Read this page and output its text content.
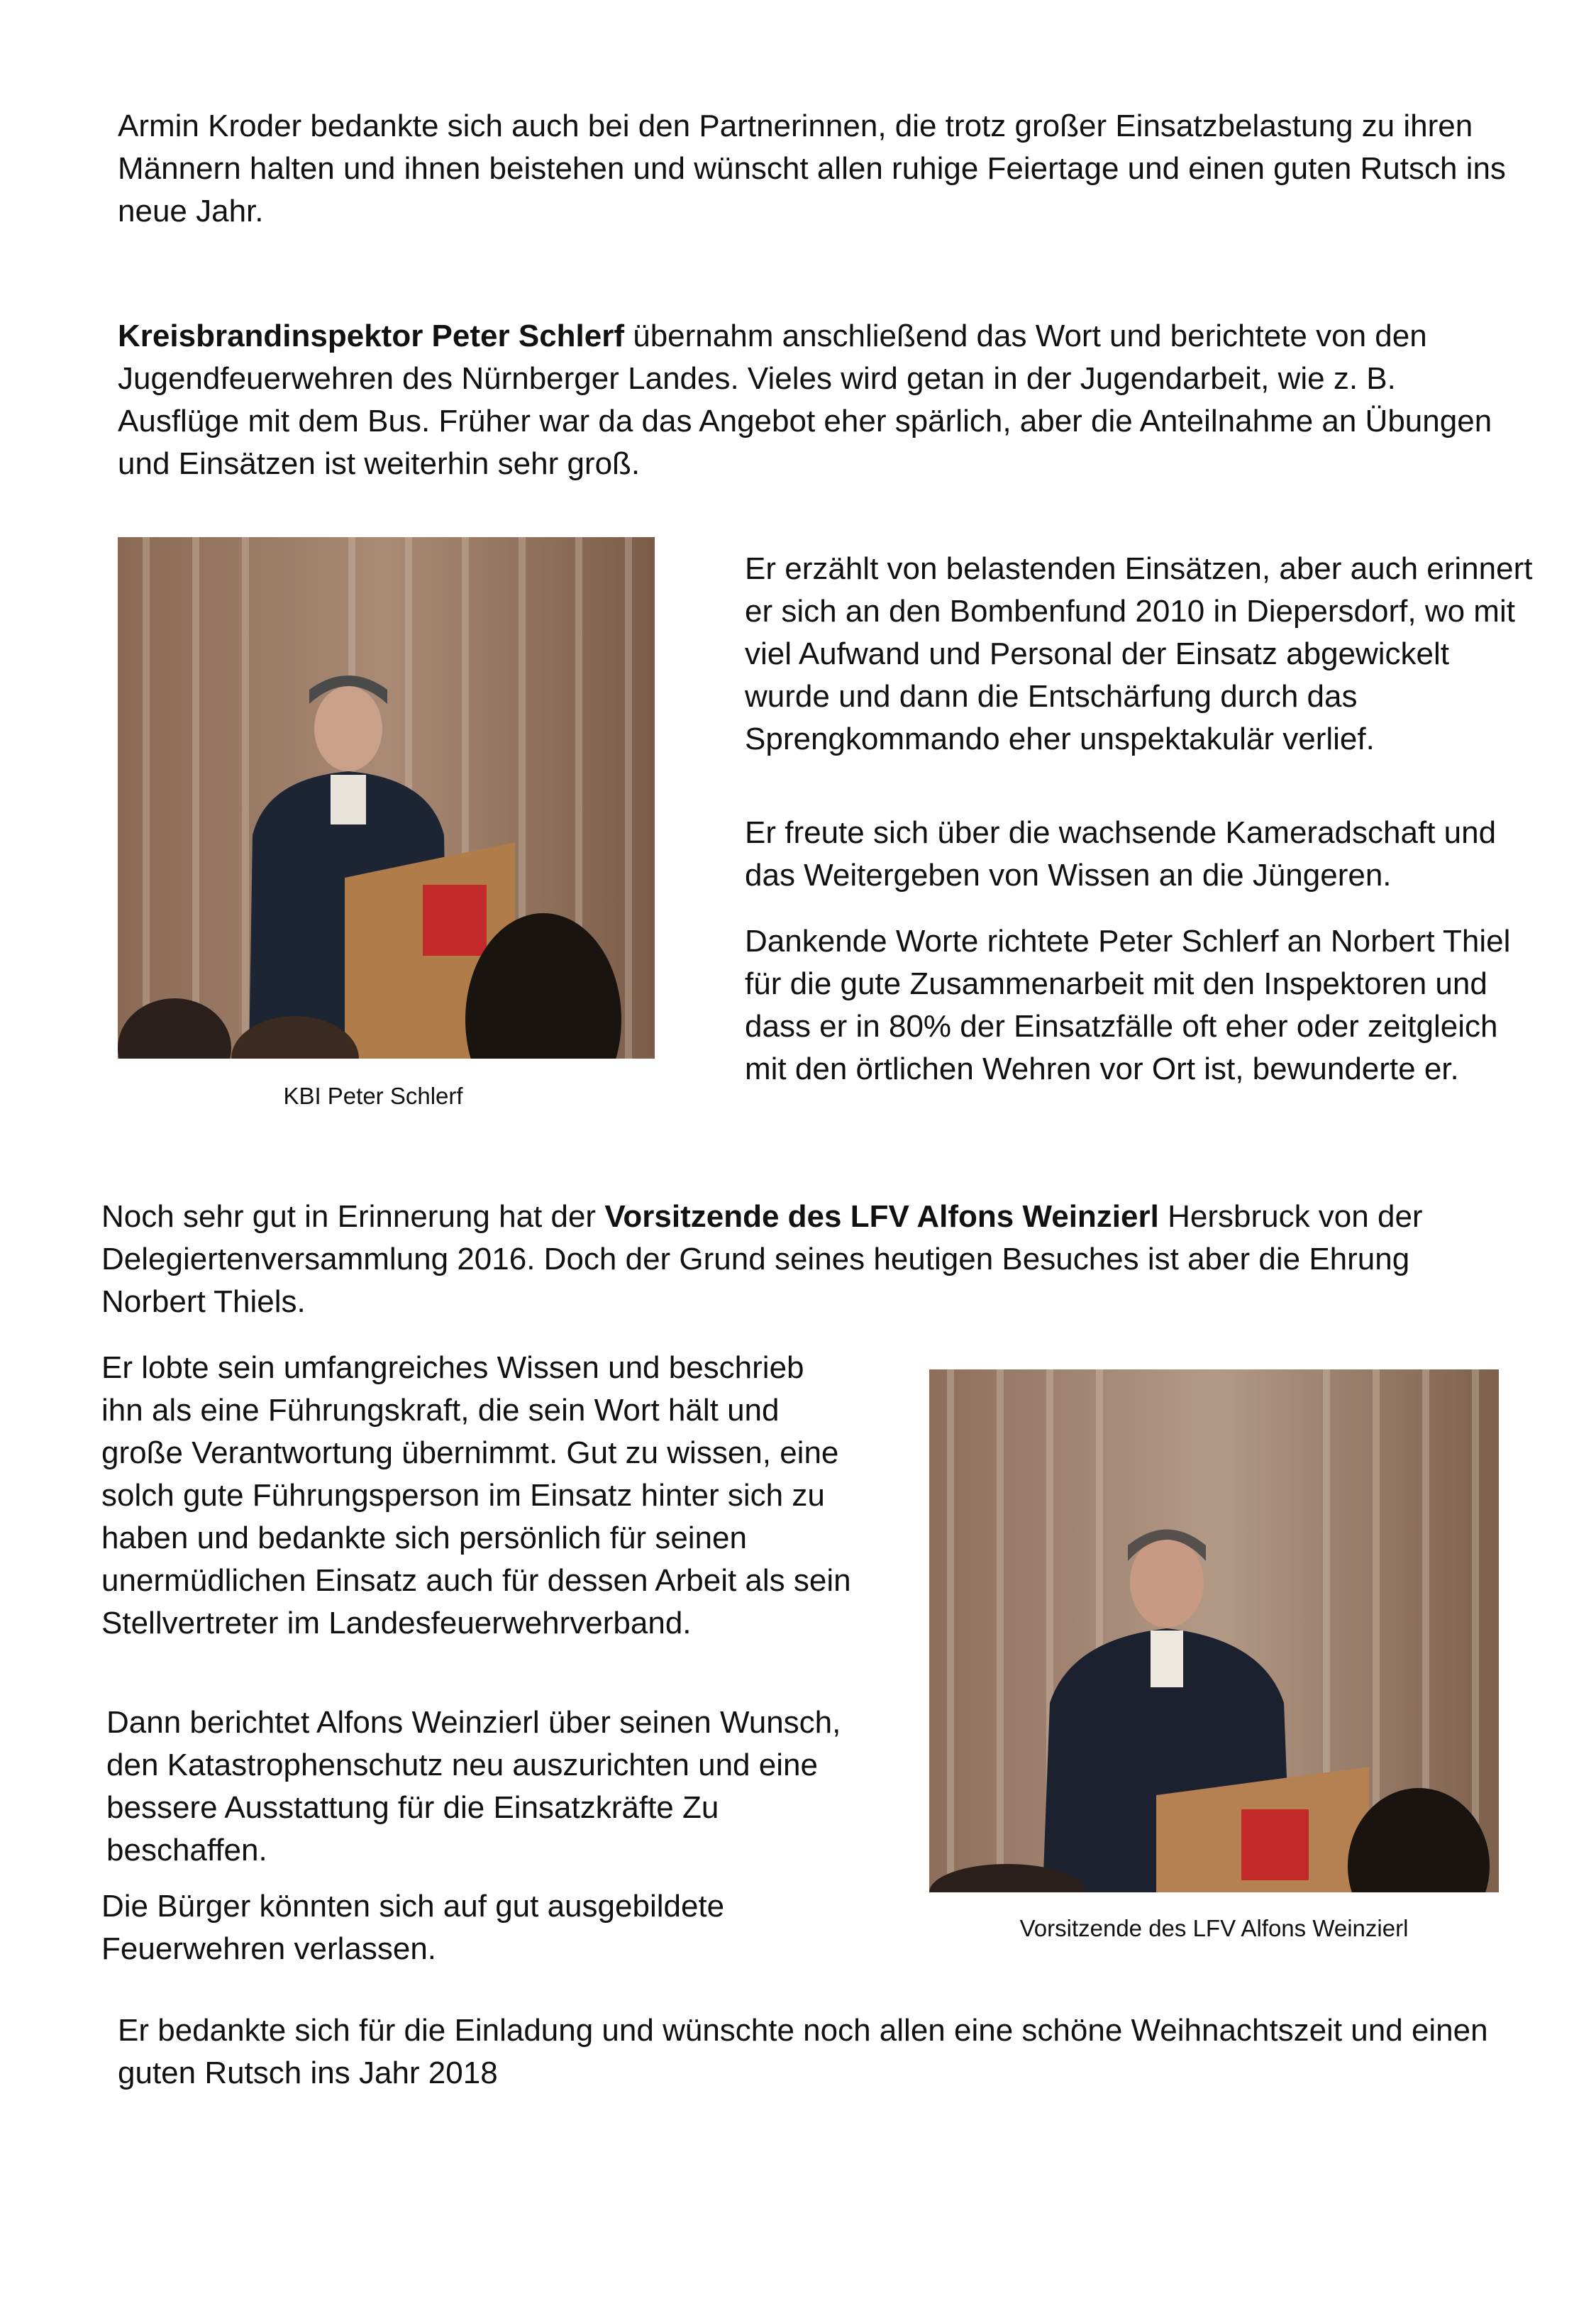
Armin Kroder bedankte sich auch bei den Partnerinnen, die trotz großer Einsatzbelastung zu ihren Männern halten und ihnen beistehen und wünscht allen ruhige Feiertage und einen guten Rutsch ins neue Jahr.

Kreisbrandinspektor Peter Schlerf übernahm anschließend das Wort und berichtete von den Jugendfeuerwehren des Nürnberger Landes. Vieles wird getan in der Jugendarbeit, wie z. B. Ausflüge mit dem Bus. Früher war da das Angebot eher spärlich, aber die Anteilnahme an Übungen und Einsätzen ist weiterhin sehr groß.

KBI Peter Schlerf

Er erzählt von belastenden Einsätzen, aber auch erinnert er sich an den Bombenfund 2010 in Diepersdorf, wo mit viel Aufwand und Personal der Einsatz abgewickelt wurde und dann die Entschärfung durch das Sprengkommando eher unspektakulär verlief.

Er freute sich über die wachsende Kameradschaft und das Weitergeben von Wissen an die Jüngeren.

Dankende Worte richtete Peter Schlerf an Norbert Thiel für die gute Zusammenarbeit mit den Inspektoren und dass er in 80% der Einsatzfälle oft eher oder zeitgleich mit den örtlichen Wehren vor Ort ist, bewunderte er.

Noch sehr gut in Erinnerung hat der Vorsitzende des LFV Alfons Weinzierl Hersbruck von der Delegiertenversammlung 2016. Doch der Grund seines heutigen Besuches ist aber die Ehrung Norbert Thiels.

Er lobte sein umfangreiches Wissen und beschrieb ihn als eine Führungskraft, die sein Wort hält und große Verantwortung übernimmt. Gut zu wissen, eine solch gute Führungsperson im Einsatz hinter sich zu haben und bedankte sich persönlich für seinen unermüdlichen Einsatz auch für dessen Arbeit als sein Stellvertreter im Landesfeuerwehrverband.

Dann berichtet Alfons Weinzierl über seinen Wunsch, den Katastrophenschutz neu auszurichten und eine bessere Ausstattung für die Einsatzkräfte Zu beschaffen.

Die Bürger könnten sich auf gut ausgebildete Feuerwehren verlassen.

Vorsitzende des LFV Alfons Weinzierl

Er bedankte sich für die Einladung und wünschte noch allen eine schöne Weihnachtszeit und einen guten Rutsch ins Jahr 2018
